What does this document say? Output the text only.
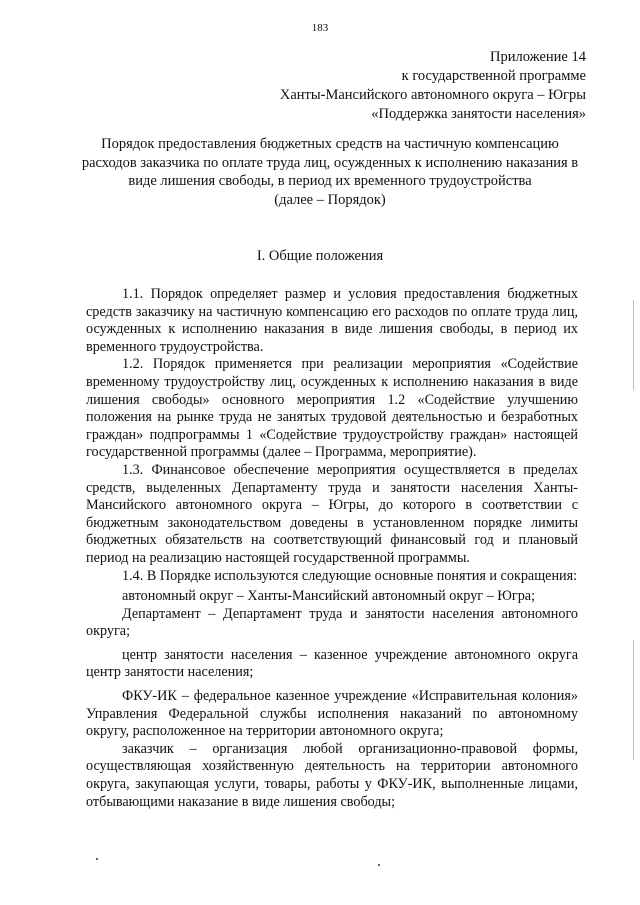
183
Приложение 14
к государственной программе
Ханты-Мансийского автономного округа – Югры
«Поддержка занятости населения»
Порядок предоставления бюджетных средств на частичную компенсацию расходов заказчика по оплате труда лиц, осужденных к исполнению наказания в виде лишения свободы, в период их временного трудоустройства
(далее – Порядок)
I. Общие положения

1.1. Порядок определяет размер и условия предоставления бюджетных средств заказчику на частичную компенсацию его расходов по оплате труда лиц, осужденных к исполнению наказания в виде лишения свободы, в период их временного трудоустройства.

1.2. Порядок применяется при реализации мероприятия «Содействие временному трудоустройству лиц, осужденных к исполнению наказания в виде лишения свободы» основного мероприятия 1.2 «Содействие улучшению положения на рынке труда не занятых трудовой деятельностью и безработных граждан» подпрограммы 1 «Содействие трудоустройству граждан» настоящей государственной программы (далее – Программа, мероприятие).

1.3. Финансовое обеспечение мероприятия осуществляется в пределах средств, выделенных Департаменту труда и занятости населения Ханты-Мансийского автономного округа – Югры, до которого в соответствии с бюджетным законодательством доведены в установленном порядке лимиты бюджетных обязательств на соответствующий финансовый год и плановый период на реализацию настоящей государственной программы.

1.4. В Порядке используются следующие основные понятия и сокращения:

автономный округ – Ханты-Мансийский автономный округ – Югра;

Департамент – Департамент труда и занятости населения автономного округа;

центр занятости населения – казенное учреждение автономного округа центр занятости населения;

ФКУ-ИК – федеральное казенное учреждение «Исправительная колония» Управления Федеральной службы исполнения наказаний по автономному округу, расположенное на территории автономного округа;

заказчик – организация любой организационно-правовой формы, осуществляющая хозяйственную деятельность на территории автономного округа, закупающая услуги, товары, работы у ФКУ-ИК, выполненные лицами, отбывающими наказание в виде лишения свободы;
